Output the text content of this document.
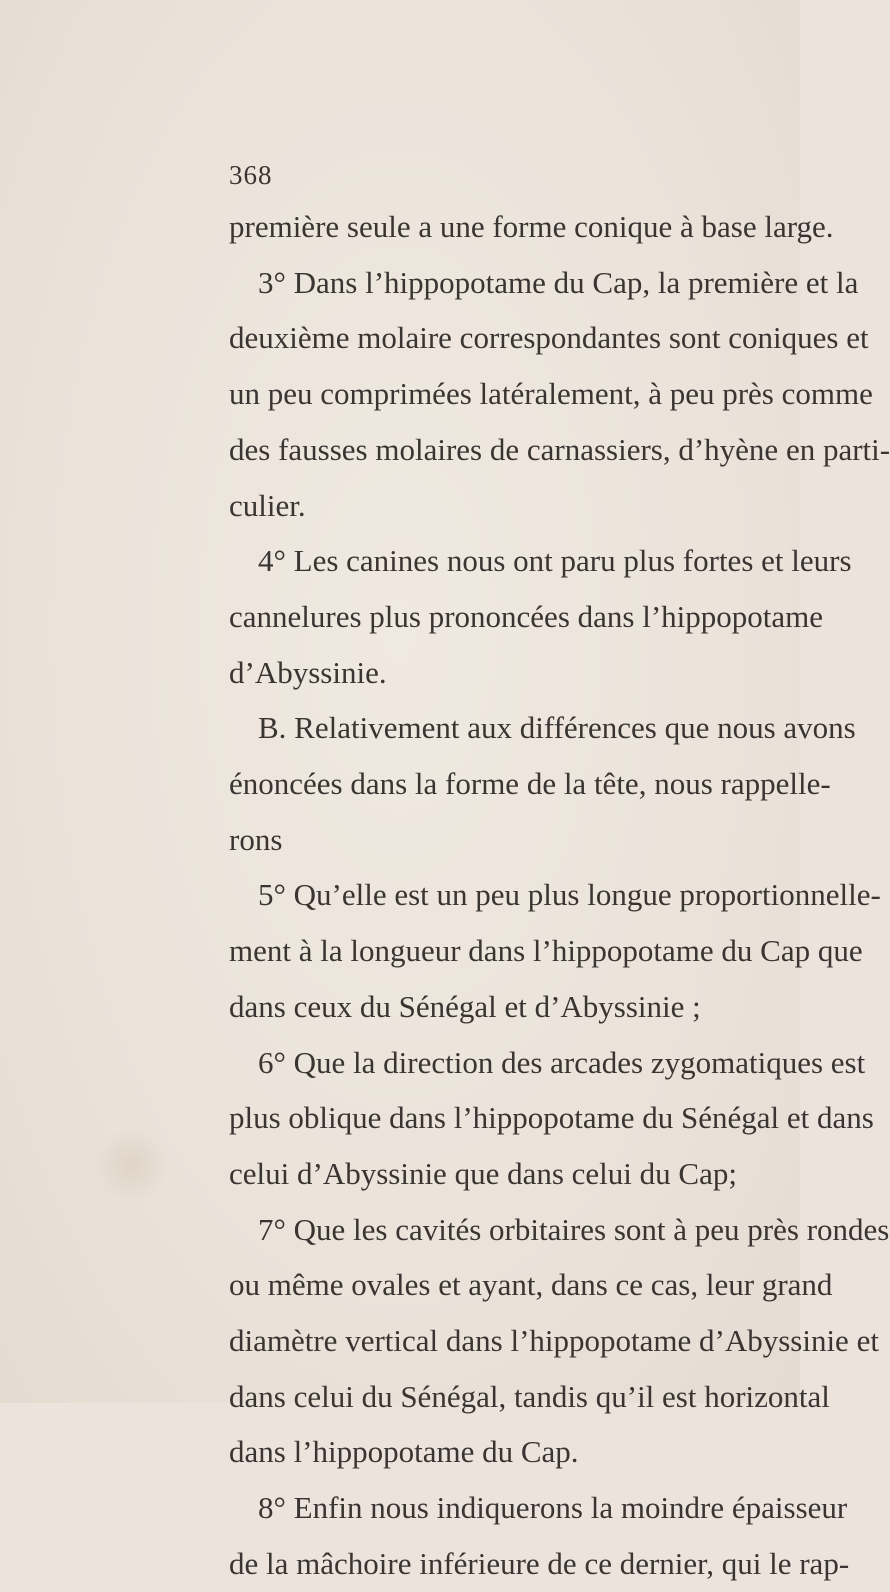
368
première seule a une forme conique à base large.
3° Dans l’hippopotame du Cap, la première et la
deuxième molaire correspondantes sont coniques et
un peu comprimées latéralement, à peu près comme
des fausses molaires de carnassiers, d’hyène en parti-
culier.
4° Les canines nous ont paru plus fortes et leurs
cannelures plus prononcées dans l’hippopotame
d’Abyssinie.
B. Relativement aux différences que nous avons
énoncées dans la forme de la tête, nous rappelle-
rons
5° Qu’elle est un peu plus longue proportionnelle-
ment à la longueur dans l’hippopotame du Cap que
dans ceux du Sénégal et d’Abyssinie ;
6° Que la direction des arcades zygomatiques est
plus oblique dans l’hippopotame du Sénégal et dans
celui d’Abyssinie que dans celui du Cap;
7° Que les cavités orbitaires sont à peu près rondes
ou même ovales et ayant, dans ce cas, leur grand
diamètre vertical dans l’hippopotame d’Abyssinie et
dans celui du Sénégal, tandis qu’il est horizontal
dans l’hippopotame du Cap.
8° Enfin nous indiquerons la moindre épaisseur
de la mâchoire inférieure de ce dernier, qui le rap-
